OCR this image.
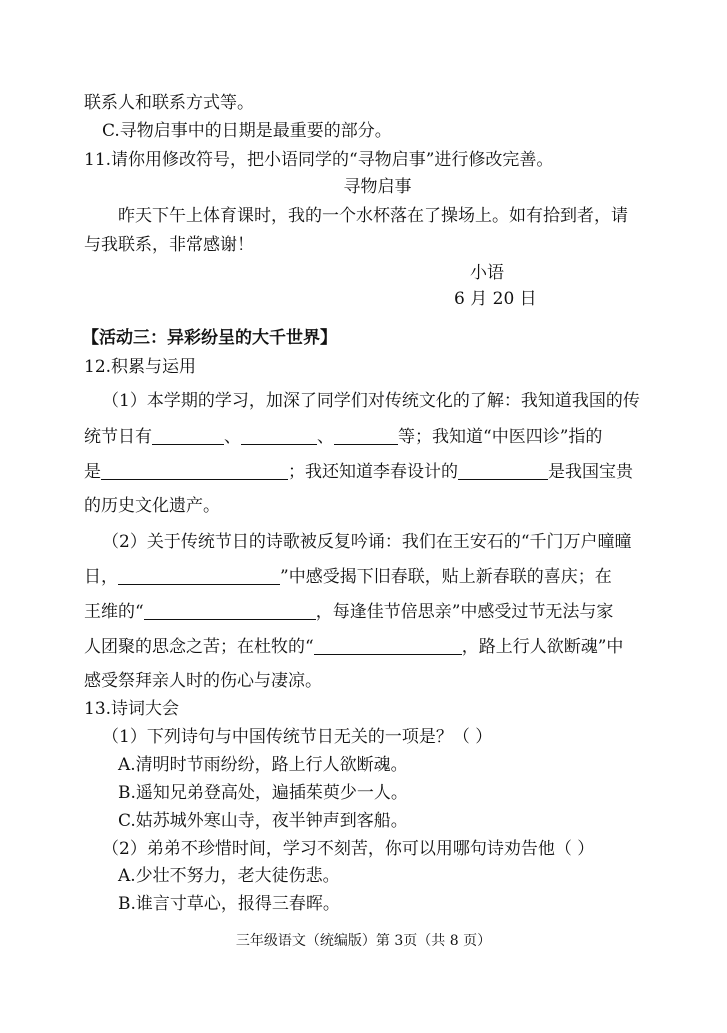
联系人和联系方式等。
C.寻物启事中的日期是最重要的部分。
11.请你用修改符号，把小语同学的“寻物启事”进行修改完善。
寻物启事
昨天下午上体育课时，我的一个水杯落在了操场上。如有拾到者，请
与我联系，非常感谢！
小语
6 月 20 日
【活动三：异彩纷呈的大千世界】
12.积累与运用
（1）本学期的学习，加深了同学们对传统文化的了解：我知道我国的传
统节日有	、	、	等；我知道“中医四诊”指的
是	；我还知道李春设计的	是我国宝贵
的历史文化遗产。
（2）关于传统节日的诗歌被反复吟诵：我们在王安石的“千门万户曈曈
日，	”中感受揭下旧春联，贴上新春联的喜庆；在
王维的“	，每逢佳节倍思亲”中感受过节无法与家
人团聚的思念之苦；在杜牧的“	，路上行人欲断魂”中
感受祭拜亲人时的伤心与凄凉。
13.诗词大会
（1）下列诗句与中国传统节日无关的一项是？（ ）
A.清明时节雨纷纷，路上行人欲断魂。
B.遥知兄弟登高处，遍插茱萸少一人。
C.姑苏城外寒山寺，夜半钟声到客船。
（2）弟弟不珍惜时间，学习不刻苦，你可以用哪句诗劝告他（ ）
A.少壮不努力，老大徒伤悲。
B.谁言寸草心，报得三春晖。
三年级语文（统编版）第 3页（共 8 页）
